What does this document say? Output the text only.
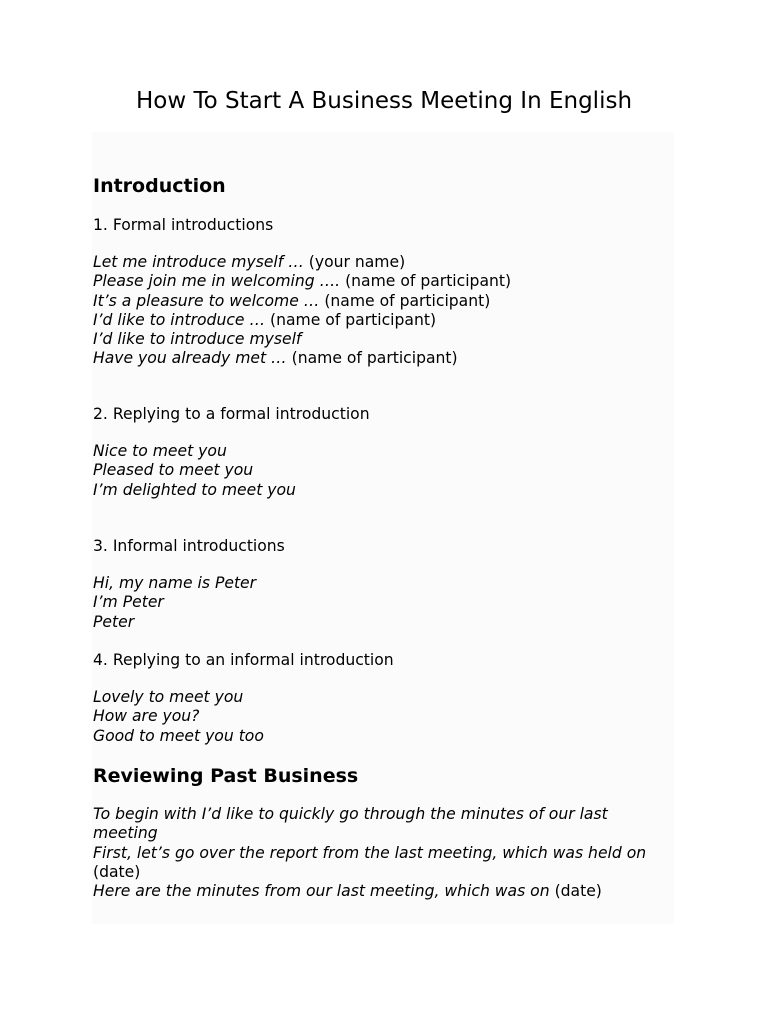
How To Start A Business Meeting In English
Introduction

1. Formal introductions

Let me introduce myself … (your name)
Please join me in welcoming …. (name of participant)
It’s a pleasure to welcome … (name of participant)
I’d like to introduce … (name of participant)
I’d like to introduce myself
Have you already met … (name of participant)

2. Replying to a formal introduction

Nice to meet you
Pleased to meet you
I’m delighted to meet you

3. Informal introductions

Hi, my name is Peter
I’m Peter
Peter

4. Replying to an informal introduction

Lovely to meet you
How are you?
Good to meet you too
Reviewing Past Business
To begin with I’d like to quickly go through the minutes of our last meeting
First, let’s go over the report from the last meeting, which was held on (date)
Here are the minutes from our last meeting, which was on (date)
